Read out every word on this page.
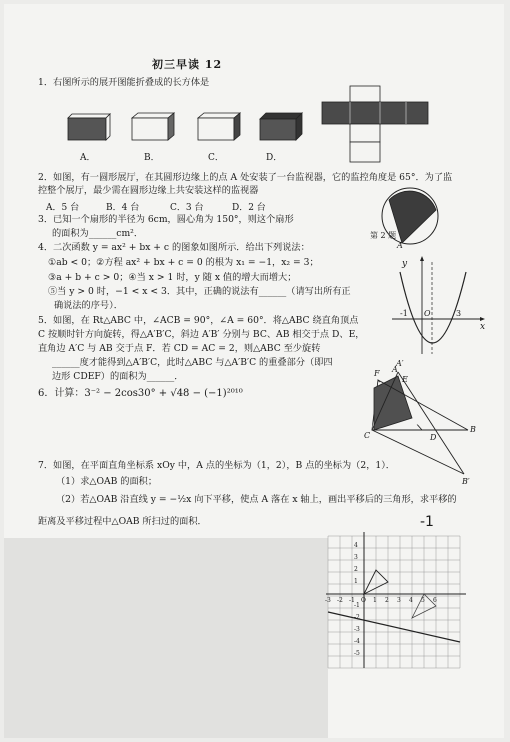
初三早读 12
1．右图所示的展开图能折叠成的长方体是
A．	B．	C．	D．
2．如图，有一圆形展厅，在其圆形边缘上的点 A 处安装了一台监视器，它的监控角度是 65°．为了监
控整个展厅，最少需在圆形边缘上共安装这样的监视器
A．5 台	B．4 台	C．3 台	D．2 台
第 2 题
A
3．已知一个扇形的半径为 6cm，圆心角为 150°，则这个扇形
的面积为______cm²．
4．二次函数 y = ax² + bx + c 的图象如图所示．给出下列说法：
①ab < 0；②方程 ax² + bx + c = 0 的根为 x₁ = −1，x₂ = 3；
③a + b + c > 0；④当 x > 1 时，y 随 x 值的增大而增大；
⑤当 y > 0 时，−1 < x < 3．其中，正确的说法有______（请写出所有正
确说法的序号）．
y
x
O
-1	3
5．如图，在 Rt△ABC 中，∠ACB = 90°，∠A = 60°．将△ABC 绕直角顶点
C 按顺时针方向旋转，得△A′B′C，斜边 A′B′ 分别与 BC、AB 相交于点 D、E，
直角边 A′C 与 AB 交于点 F．若 CD = AC = 2，则△ABC 至少旋转
______度才能得到△A′B′C，此时△ABC 与△A′B′C 的重叠部分（即四
边形 CDEF）的面积为______．
6．计算：3⁻² − 2cos30° + √48 − (−1)²⁰¹⁰
F
E
A
A′
C	D
B
B′
7．如图，在平面直角坐标系 xOy 中，A 点的坐标为（1，2），B 点的坐标为（2，1）．
（1）求△OAB 的面积；
（2）若△OAB 沿直线 y = −½x 向下平移，使点 A 落在 x 轴上，画出平移后的三角形，求平移的
距离及平移过程中△OAB 所扫过的面积．	-1
-3 -2 -1 O 1 2 3 4 5 6
4
3
2
1
-1
-2
-3
-4
-5
